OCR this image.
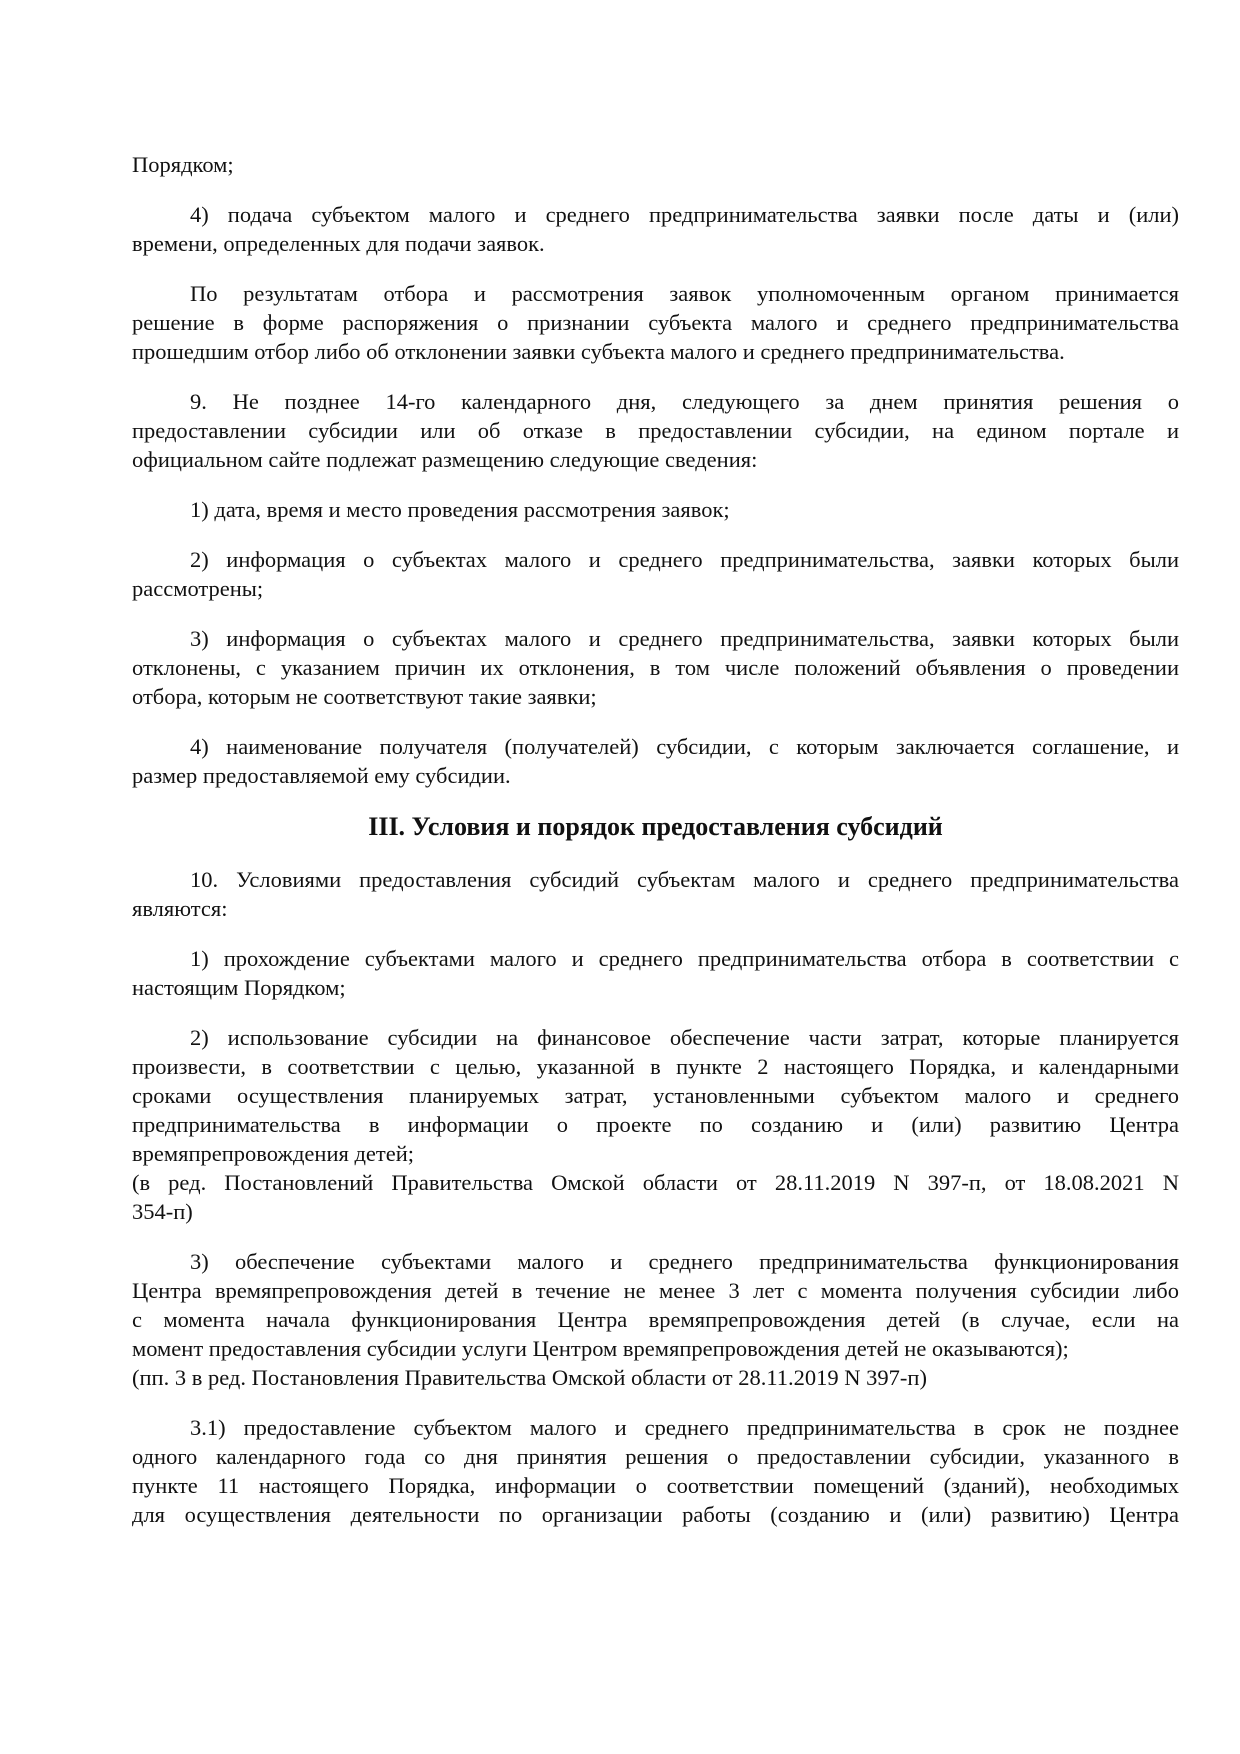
Порядком;
4) подача субъектом малого и среднего предпринимательства заявки после даты и (или)
времени, определенных для подачи заявок.
По результатам отбора и рассмотрения заявок уполномоченным органом принимается
решение в форме распоряжения о признании субъекта малого и среднего предпринимательства
прошедшим отбор либо об отклонении заявки субъекта малого и среднего предпринимательства.
9. Не позднее 14-го календарного дня, следующего за днем принятия решения о
предоставлении субсидии или об отказе в предоставлении субсидии, на едином портале и
официальном сайте подлежат размещению следующие сведения:
1) дата, время и место проведения рассмотрения заявок;
2) информация о субъектах малого и среднего предпринимательства, заявки которых были
рассмотрены;
3) информация о субъектах малого и среднего предпринимательства, заявки которых были
отклонены, с указанием причин их отклонения, в том числе положений объявления о проведении
отбора, которым не соответствуют такие заявки;
4) наименование получателя (получателей) субсидии, с которым заключается соглашение, и
размер предоставляемой ему субсидии.
III. Условия и порядок предоставления субсидий
10. Условиями предоставления субсидий субъектам малого и среднего предпринимательства
являются:
1) прохождение субъектами малого и среднего предпринимательства отбора в соответствии с
настоящим Порядком;
2) использование субсидии на финансовое обеспечение части затрат, которые планируется
произвести, в соответствии с целью, указанной в пункте 2 настоящего Порядка, и календарными
сроками осуществления планируемых затрат, установленными субъектом малого и среднего
предпринимательства в информации о проекте по созданию и (или) развитию Центра
времяпрепровождения детей;
(в ред. Постановлений Правительства Омской области от 28.11.2019 N 397-п, от 18.08.2021 N
354-п)
3) обеспечение субъектами малого и среднего предпринимательства функционирования
Центра времяпрепровождения детей в течение не менее 3 лет с момента получения субсидии либо
с момента начала функционирования Центра времяпрепровождения детей (в случае, если на
момент предоставления субсидии услуги Центром времяпрепровождения детей не оказываются);
(пп. 3 в ред. Постановления Правительства Омской области от 28.11.2019 N 397-п)
3.1) предоставление субъектом малого и среднего предпринимательства в срок не позднее
одного календарного года со дня принятия решения о предоставлении субсидии, указанного в
пункте 11 настоящего Порядка, информации о соответствии помещений (зданий), необходимых
для осуществления деятельности по организации работы (созданию и (или) развитию) Центра
